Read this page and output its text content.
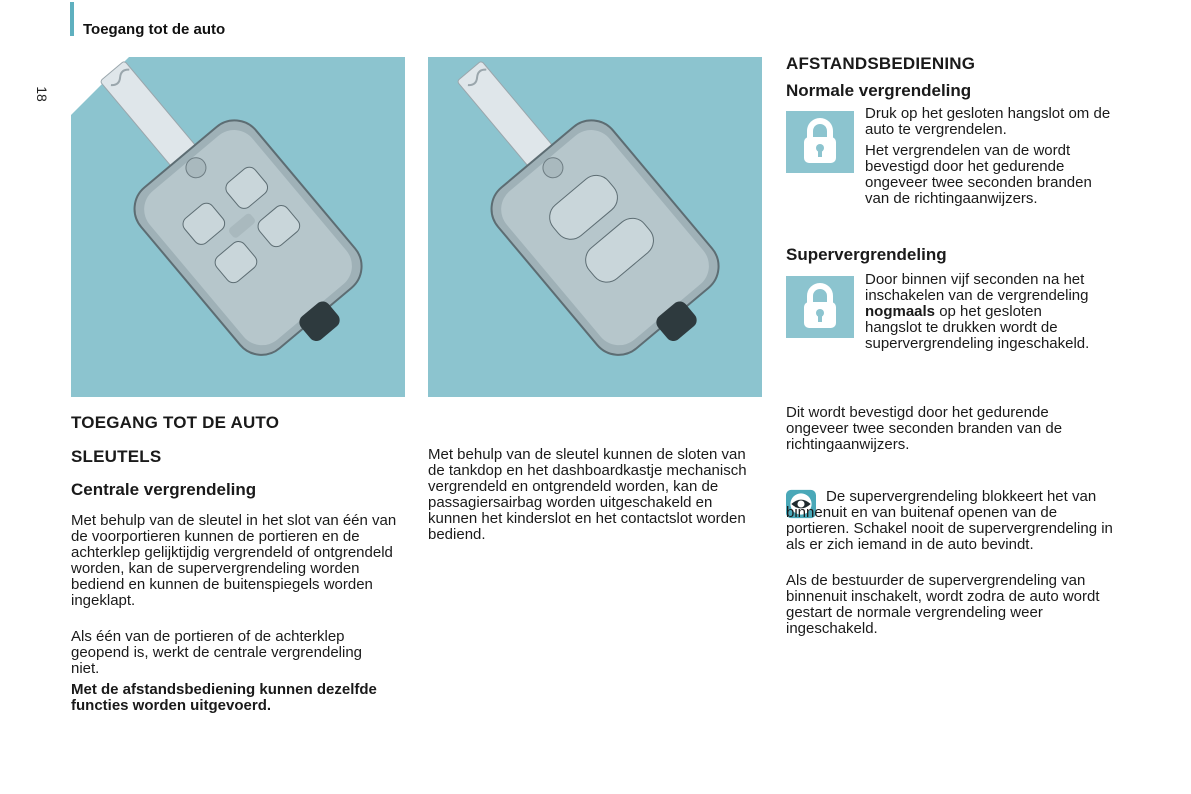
Toegang tot de auto
18
TOEGANG TOT DE AUTO
SLEUTELS
Centrale vergrendeling
Met behulp van de sleutel in het slot van één van de voorportieren kunnen de portieren en de achterklep gelijktijdig vergrendeld of ontgrendeld worden, kan de supervergrendeling worden bediend en kunnen de buitenspiegels worden ingeklapt.
Als één van de portieren of de achterklep geopend is, werkt de centrale vergrendeling niet.
Met de afstandsbediening kunnen dezelfde functies worden uitgevoerd.
Met behulp van de sleutel kunnen de sloten van de tankdop en het dashboardkastje mechanisch vergrendeld en ontgrendeld worden, kan de passagiersairbag worden uitgeschakeld en kunnen het kinderslot en het contactslot worden bediend.
AFSTANDSBEDIENING
Normale vergrendeling
Druk op het gesloten hangslot om de auto te vergrendelen.
Het vergrendelen van de wordt bevestigd door het gedurende ongeveer twee seconden branden van de richtingaanwijzers.
Supervergrendeling
Door binnen vijf seconden na het inschakelen van de vergrendeling nogmaals op het gesloten hangslot te drukken wordt de supervergrendeling ingeschakeld.
Dit wordt bevestigd door het gedurende ongeveer twee seconden branden van de richtingaanwijzers.
De supervergrendeling blokkeert het van binnenuit en van buitenaf openen van de portieren. Schakel nooit de supervergrendeling in als er zich iemand in de auto bevindt.
Als de bestuurder de supervergrendeling van binnenuit inschakelt, wordt zodra de auto wordt gestart de normale vergrendeling weer ingeschakeld.
